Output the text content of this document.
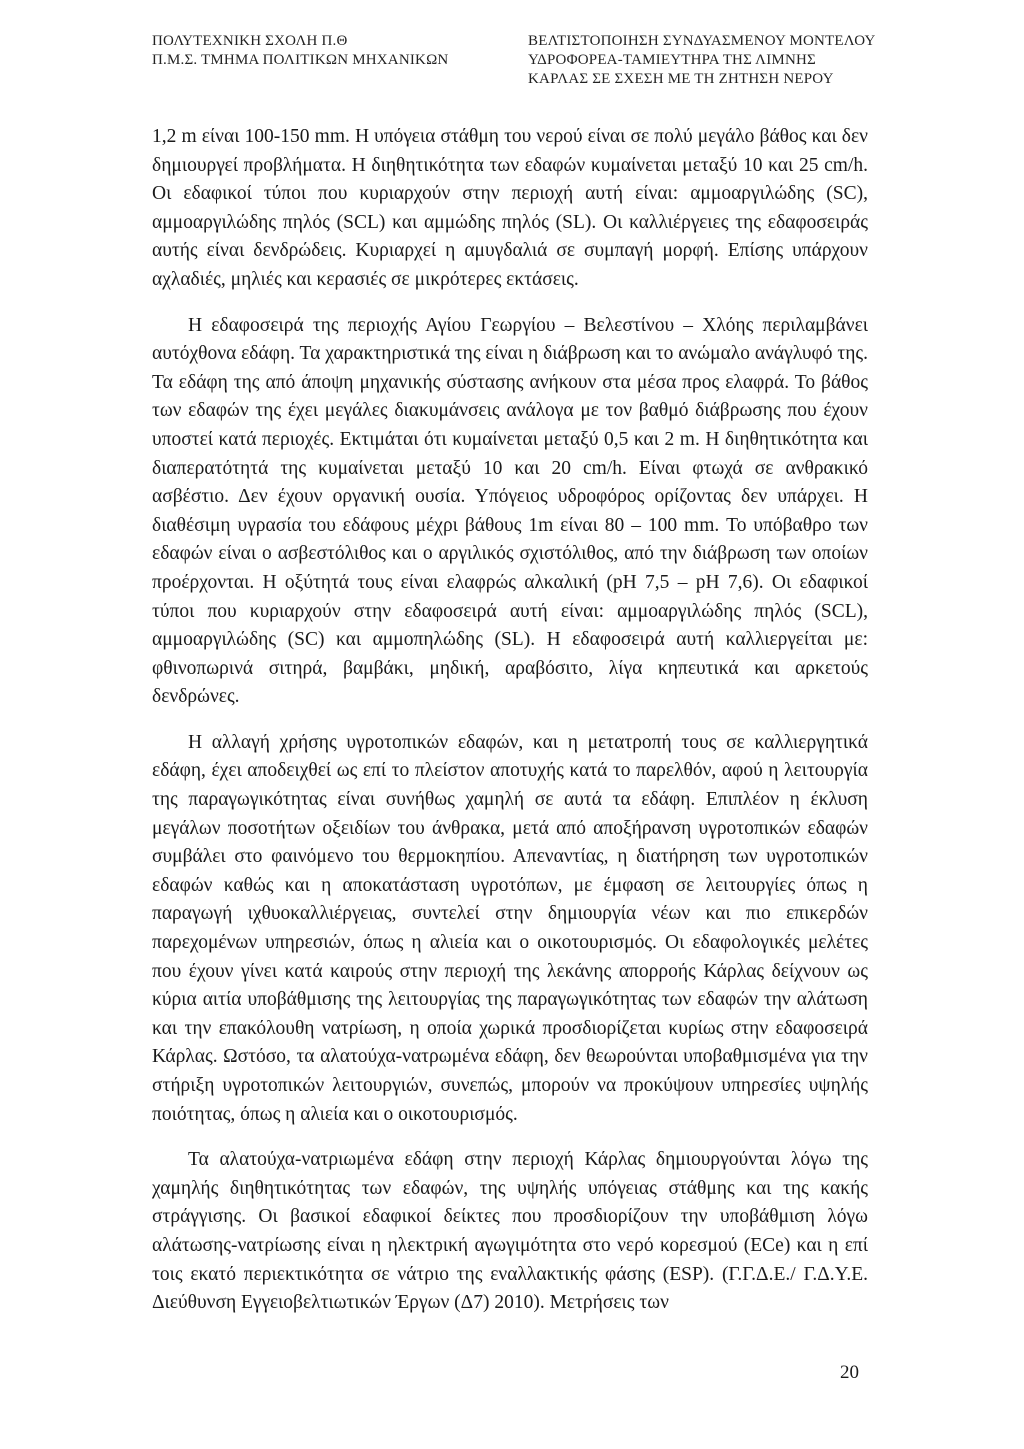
ΠΟΛΥΤΕΧΝΙΚΗ ΣΧΟΛΗ Π.Θ
Π.Μ.Σ. ΤΜΗΜΑ ΠΟΛΙΤΙΚΩΝ ΜΗΧΑΝΙΚΩΝ
ΒΕΛΤΙΣΤΟΠΟΙΗΣΗ ΣΥΝΔΥΑΣΜΕΝΟΥ ΜΟΝΤΕΛΟΥ
ΥΔΡΟΦΟΡΕΑ-ΤΑΜΙΕΥΤΗΡΑ ΤΗΣ ΛΙΜΝΗΣ
ΚΑΡΛΑΣ ΣΕ ΣΧΕΣΗ ΜΕ ΤΗ ΖΗΤΗΣΗ ΝΕΡΟΥ

1,2 m είναι 100-150 mm. Η υπόγεια στάθμη του νερού είναι σε πολύ μεγάλο βάθος και δεν δημιουργεί προβλήματα. Η διηθητικότητα των εδαφών κυμαίνεται μεταξύ 10 και 25 cm/h. Οι εδαφικοί τύποι που κυριαρχούν στην περιοχή αυτή είναι: αμμοαργιλώδης (SC), αμμοαργιλώδης πηλός (SCL) και αμμώδης πηλός (SL). Οι καλλιέργειες της εδαφοσειράς αυτής είναι δενδρώδεις. Κυριαρχεί η αμυγδαλιά σε συμπαγή μορφή. Επίσης υπάρχουν αχλαδιές, μηλιές και κερασιές σε μικρότερες εκτάσεις.

Η εδαφοσειρά της περιοχής Αγίου Γεωργίου – Βελεστίνου – Χλόης περιλαμβάνει αυτόχθονα εδάφη. Τα χαρακτηριστικά της είναι η διάβρωση και το ανώμαλο ανάγλυφό της. Τα εδάφη της από άποψη μηχανικής σύστασης ανήκουν στα μέσα προς ελαφρά. Το βάθος των εδαφών της έχει μεγάλες διακυμάνσεις ανάλογα με τον βαθμό διάβρωσης που έχουν υποστεί κατά περιοχές. Εκτιμάται ότι κυμαίνεται μεταξύ 0,5 και 2 m. Η διηθητικότητα και διαπερατότητά της κυμαίνεται μεταξύ 10 και 20 cm/h. Είναι φτωχά σε ανθρακικό ασβέστιο. Δεν έχουν οργανική ουσία. Υπόγειος υδροφόρος ορίζοντας δεν υπάρχει. Η διαθέσιμη υγρασία του εδάφους μέχρι βάθους 1m είναι 80 – 100 mm. Το υπόβαθρο των εδαφών είναι ο ασβεστόλιθος και ο αργιλικός σχιστόλιθος, από την διάβρωση των οποίων προέρχονται. Η οξύτητά τους είναι ελαφρώς αλκαλική (pH 7,5 – pH 7,6). Οι εδαφικοί τύποι που κυριαρχούν στην εδαφοσειρά αυτή είναι: αμμοαργιλώδης πηλός (SCL), αμμοαργιλώδης (SC) και αμμοπηλώδης (SL). Η εδαφοσειρά αυτή καλλιεργείται με: φθινοπωρινά σιτηρά, βαμβάκι, μηδική, αραβόσιτο, λίγα κηπευτικά και αρκετούς δενδρώνες.

Η αλλαγή χρήσης υγροτοπικών εδαφών, και η μετατροπή τους σε καλλιεργητικά εδάφη, έχει αποδειχθεί ως επί το πλείστον αποτυχής κατά το παρελθόν, αφού η λειτουργία της παραγωγικότητας είναι συνήθως χαμηλή σε αυτά τα εδάφη. Επιπλέον η έκλυση μεγάλων ποσοτήτων οξειδίων του άνθρακα, μετά από αποξήρανση υγροτοπικών εδαφών συμβάλει στο φαινόμενο του θερμοκηπίου. Απεναντίας, η διατήρηση των υγροτοπικών εδαφών καθώς και η αποκατάσταση υγροτόπων, με έμφαση σε λειτουργίες όπως η παραγωγή ιχθυοκαλλιέργειας, συντελεί στην δημιουργία νέων και πιο επικερδών παρεχομένων υπηρεσιών, όπως η αλιεία και ο οικοτουρισμός. Οι εδαφολογικές μελέτες που έχουν γίνει κατά καιρούς στην περιοχή της λεκάνης απορροής Κάρλας δείχνουν ως κύρια αιτία υποβάθμισης της λειτουργίας της παραγωγικότητας των εδαφών την αλάτωση και την επακόλουθη νατρίωση, η οποία χωρικά προσδιορίζεται κυρίως στην εδαφοσειρά Κάρλας. Ωστόσο, τα αλατούχα-νατρωμένα εδάφη, δεν θεωρούνται υποβαθμισμένα για την στήριξη υγροτοπικών λειτουργιών, συνεπώς, μπορούν να προκύψουν υπηρεσίες υψηλής ποιότητας, όπως η αλιεία και ο οικοτουρισμός.

Τα αλατούχα-νατριωμένα εδάφη στην περιοχή Κάρλας δημιουργούνται λόγω της χαμηλής διηθητικότητας των εδαφών, της υψηλής υπόγειας στάθμης και της κακής στράγγισης. Οι βασικοί εδαφικοί δείκτες που προσδιορίζουν την υποβάθμιση λόγω αλάτωσης-νατρίωσης είναι η ηλεκτρική αγωγιμότητα στο νερό κορεσμού (ECe) και η επί τοις εκατό περιεκτικότητα σε νάτριο της εναλλακτικής φάσης (ESP). (Γ.Γ.Δ.Ε./ Γ.Δ.Υ.Ε. Διεύθυνση Εγγειοβελτιωτικών Έργων (Δ7) 2010). Μετρήσεις των

20
